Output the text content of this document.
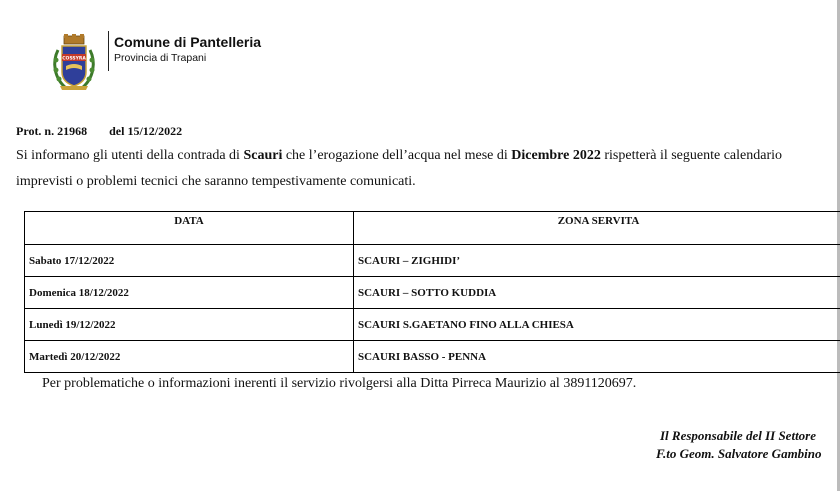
COSSYRA
Comune di Pantelleria
Provincia di Trapani
Prot. n. 21968 del 15/12/2022
Si informano gli utenti della contrada di Scauri che l’erogazione dell’acqua nel mese di Dicembre 2022 rispetterà il seguente calendario
imprevisti o problemi tecnici che saranno tempestivamente comunicati.
DATA	ZONA SERVITA
Sabato 17/12/2022	SCAURI – ZIGHIDI’
Domenica 18/12/2022	SCAURI – SOTTO KUDDIA
Lunedì 19/12/2022	SCAURI S.GAETANO FINO ALLA CHIESA
Martedì 20/12/2022	SCAURI BASSO - PENNA
Per problematiche o informazioni inerenti il servizio rivolgersi alla Ditta Pirreca Maurizio al 3891120697.
Il Responsabile del II Settore
F.to Geom. Salvatore Gambino
